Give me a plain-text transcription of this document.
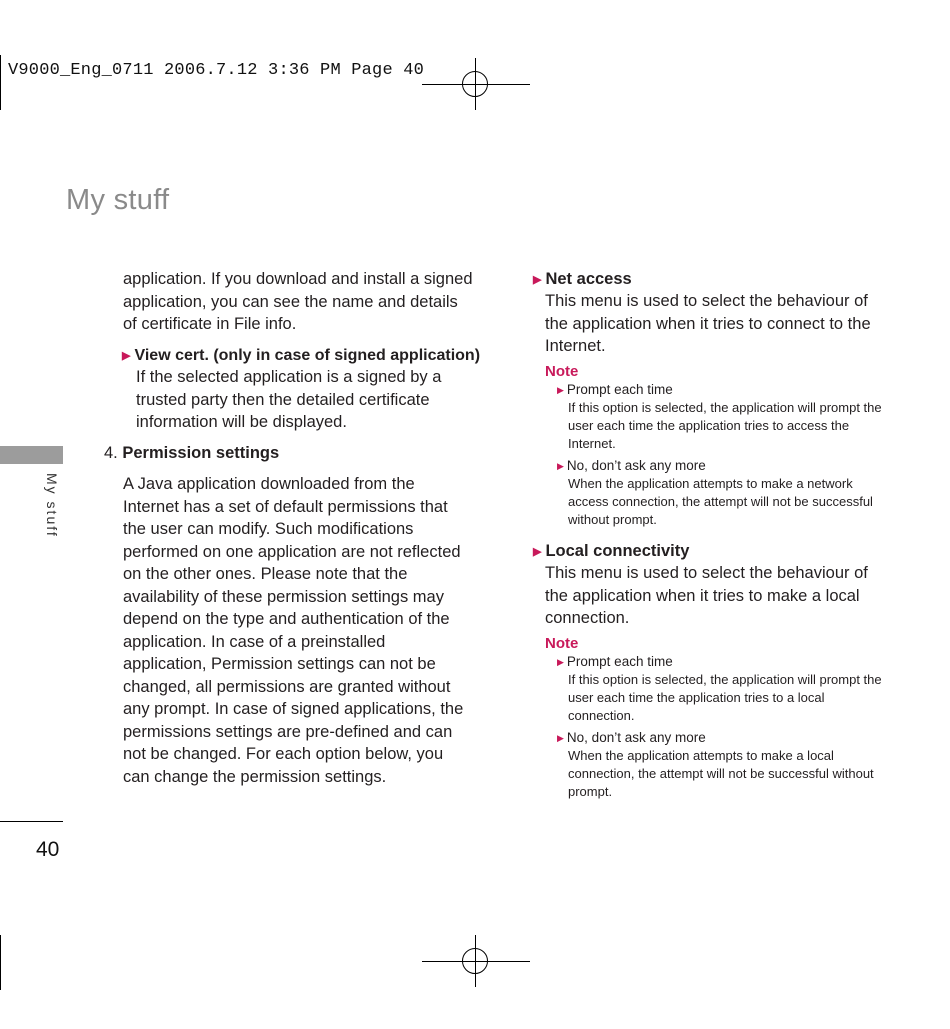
V9000_Eng_0711 2006.7.12 3:36 PM Page 40
My stuff
My stuff
40
application. If you download and install a signed application, you can see the name and details of certificate in File info.
▶ View cert. (only in case of signed application)
If the selected application is a signed by a trusted party then the detailed certificate information will be displayed.
4. Permission settings
A Java application downloaded from the Internet has a set of default permissions that the user can modify. Such modifications performed on one application are not reflected on the other ones. Please note that the availability of these permission settings may depend on the type and authentication of the application. In case of a preinstalled application, Permission settings can not be changed, all permissions are granted without any prompt. In case of signed applications, the permissions settings are pre-defined and can not be changed. For each option below, you can change the permission settings.
▶ Net access
This menu is used to select the behaviour of the application when it tries to connect to the Internet.
Note
▶ Prompt each time
If this option is selected, the application will prompt the user each time the application tries to access the Internet.
▶ No, don’t ask any more
When the application attempts to make a network access connection, the attempt will not be successful without prompt.
▶ Local connectivity
This menu is used to select the behaviour of the application when it tries to make a local connection.
Note
▶ Prompt each time
If this option is selected, the application will prompt the user each time the application tries to a local connection.
▶ No, don’t ask any more
When the application attempts to make a local connection, the attempt will not be successful without prompt.
